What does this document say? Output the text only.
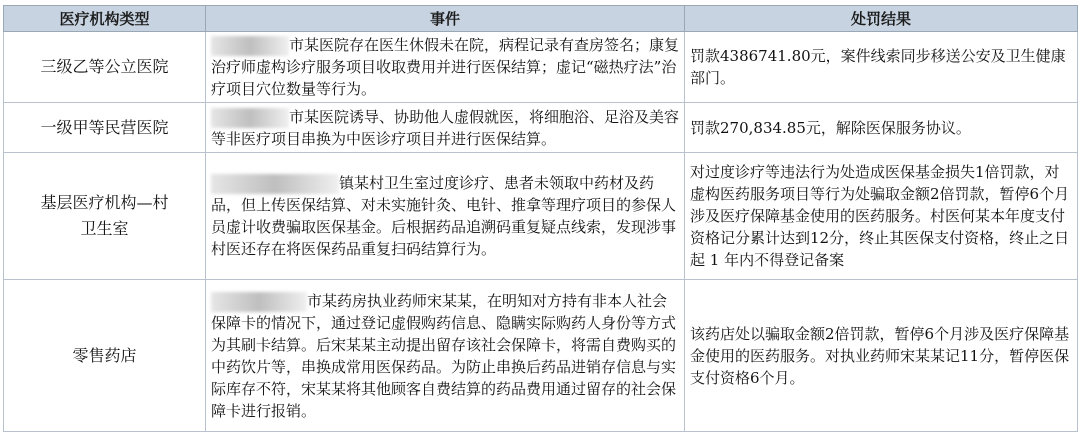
医疗机构类型	事件	处罚结果
三级乙等公立医院	市某医院存在医生休假未在院，病程记录有查房签名；康复治疗师虚构诊疗服务项目收取费用并进行医保结算；虚记“磁热疗法”治疗项目穴位数量等行为。	罚款4386741.80元，案件线索同步移送公安及卫生健康部门。
一级甲等民营医院	市某医院诱导、协助他人虚假就医，将细胞浴、足浴及美容等非医疗项目串换为中医诊疗项目并进行医保结算。	罚款270,834.85元，解除医保服务协议。
基层医疗机构—村卫生室	镇某村卫生室过度诊疗、患者未领取中药材及药品，但上传医保结算、对未实施针灸、电针、推拿等理疗项目的参保人员虚计收费骗取医保基金。后根据药品追溯码重复疑点线索，发现涉事村医还存在将医保药品重复扫码结算行为。	对过度诊疗等违法行为处造成医保基金损失1倍罚款，对虚构医药服务项目等行为处骗取金额2倍罚款，暂停6个月涉及医疗保障基金使用的医药服务。村医何某本年度支付资格记分累计达到12分，终止其医保支付资格，终止之日起 1 年内不得登记备案
零售药店	市某药房执业药师宋某某，在明知对方持有非本人社会保障卡的情况下，通过登记虚假购药信息、隐瞒实际购药人身份等方式为其刷卡结算。后宋某某主动提出留存该社会保障卡，将需自费购买的中药饮片等，串换成常用医保药品。为防止串换后药品进销存信息与实际库存不符，宋某某将其他顾客自费结算的药品费用通过留存的社会保障卡进行报销。	该药店处以骗取金额2倍罚款，暂停6个月涉及医疗保障基金使用的医药服务。对执业药师宋某某记11分，暂停医保支付资格6个月。
